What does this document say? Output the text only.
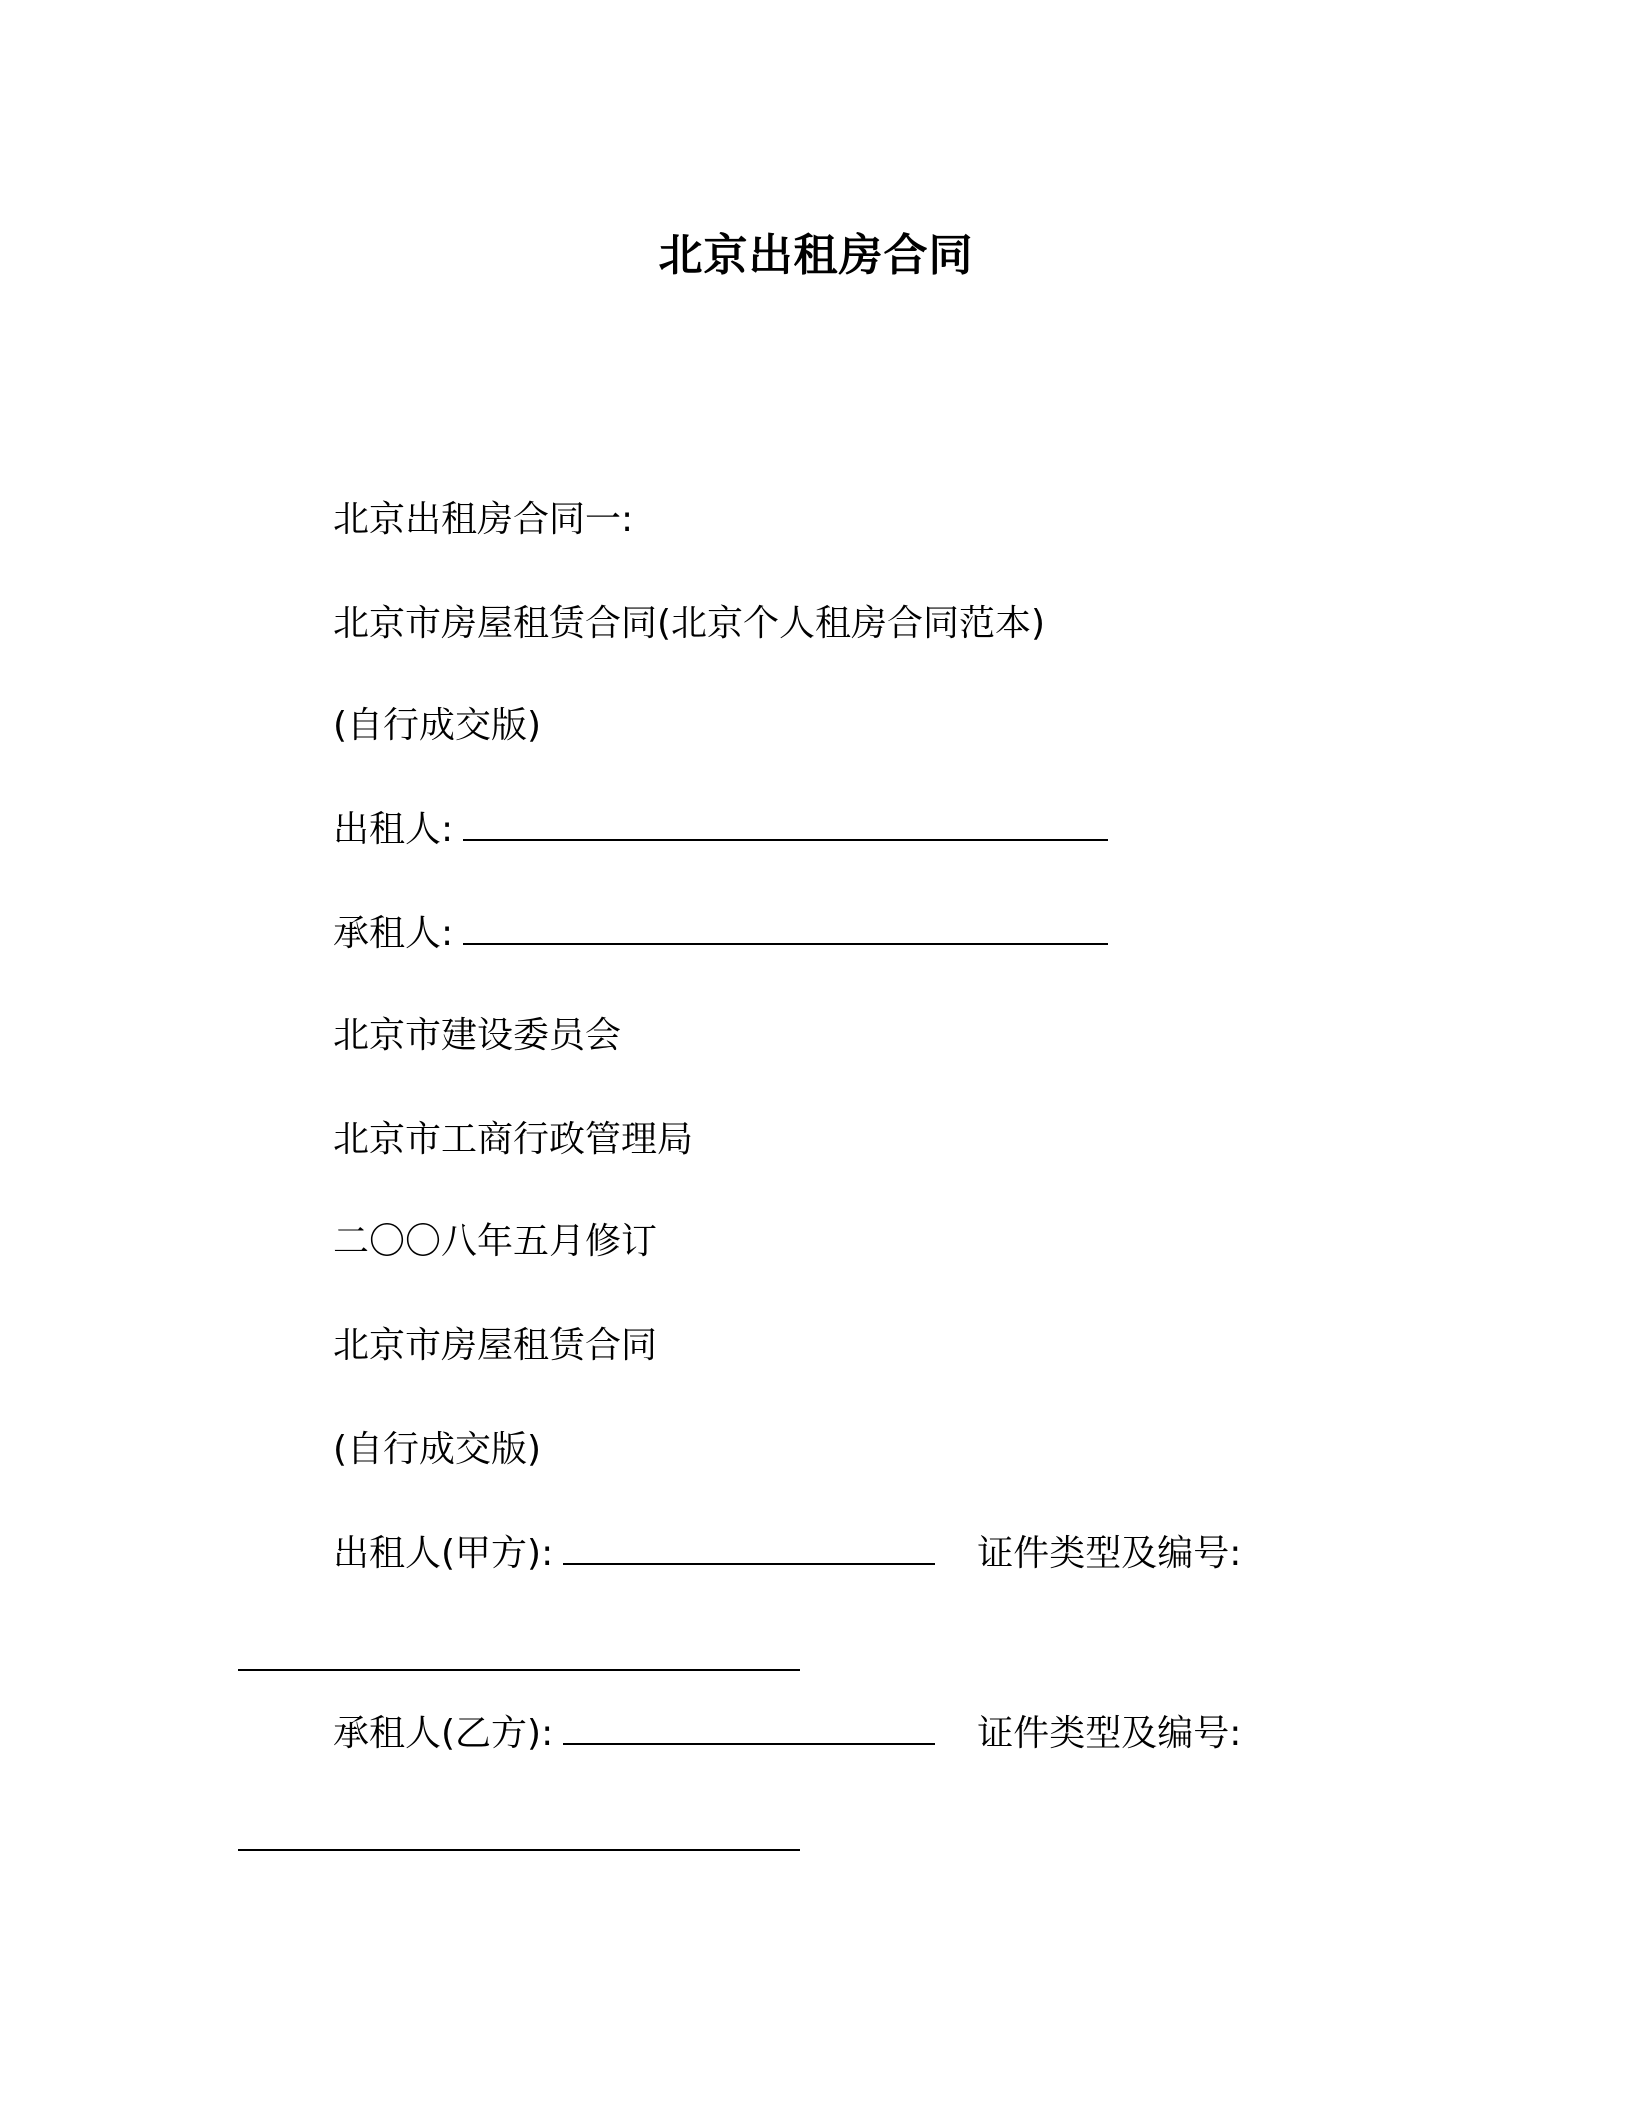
北京出租房合同
北京出租房合同一:
北京市房屋租赁合同(北京个人租房合同范本)
(自行成交版)
出租人:
承租人:
北京市建设委员会
北京市工商行政管理局
二〇〇八年五月修订
北京市房屋租赁合同
(自行成交版)
出租人(甲方):	证件类型及编号:
承租人(乙方):	证件类型及编号:
